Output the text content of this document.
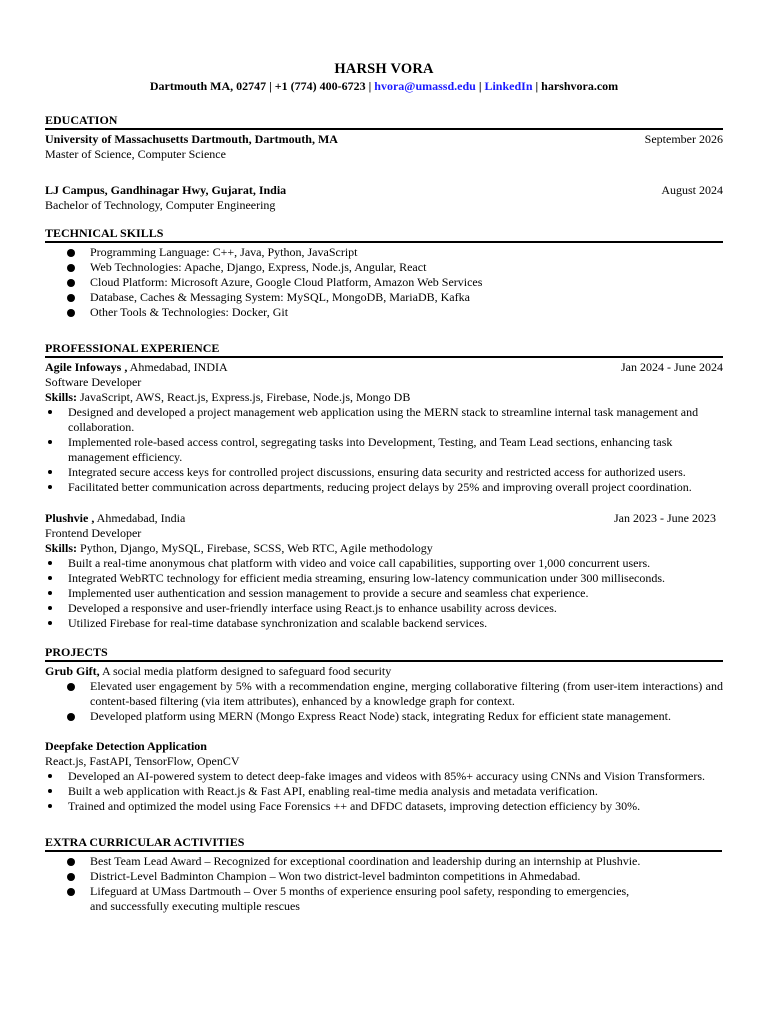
HARSH VORA
Dartmouth MA, 02747 | +1 (774) 400-6723 | hvora@umassd.edu | LinkedIn | harshvora.com
EDUCATION
University of Massachusetts Dartmouth, Dartmouth, MA	September 2026
Master of Science, Computer Science
LJ Campus, Gandhinagar Hwy, Gujarat, India	August 2024
Bachelor of Technology, Computer Engineering
TECHNICAL SKILLS
Programming Language: C++, Java, Python, JavaScript
Web Technologies: Apache, Django, Express, Node.js, Angular, React
Cloud Platform: Microsoft Azure, Google Cloud Platform, Amazon Web Services
Database, Caches & Messaging System: MySQL, MongoDB, MariaDB, Kafka
Other Tools & Technologies: Docker, Git
PROFESSIONAL EXPERIENCE
Agile Infoways , Ahmedabad, INDIA	Jan 2024 - June 2024
Software Developer
Skills: JavaScript, AWS, React.js, Express.js, Firebase, Node.js, Mongo DB
Designed and developed a project management web application using the MERN stack to streamline internal task management and collaboration.
Implemented role-based access control, segregating tasks into Development, Testing, and Team Lead sections, enhancing task management efficiency.
Integrated secure access keys for controlled project discussions, ensuring data security and restricted access for authorized users.
Facilitated better communication across departments, reducing project delays by 25% and improving overall project coordination.
Plushvie , Ahmedabad, India	Jan 2023 - June 2023
Frontend Developer
Skills: Python, Django, MySQL, Firebase, SCSS, Web RTC, Agile methodology
Built a real-time anonymous chat platform with video and voice call capabilities, supporting over 1,000 concurrent users.
Integrated WebRTC technology for efficient media streaming, ensuring low-latency communication under 300 milliseconds.
Implemented user authentication and session management to provide a secure and seamless chat experience.
Developed a responsive and user-friendly interface using React.js to enhance usability across devices.
Utilized Firebase for real-time database synchronization and scalable backend services.
PROJECTS
Grub Gift, A social media platform designed to safeguard food security
Elevated user engagement by 5% with a recommendation engine, merging collaborative filtering (from user-item interactions) and content-based filtering (via item attributes), enhanced by a knowledge graph for context.
Developed platform using MERN (Mongo Express React Node) stack, integrating Redux for efficient state management.
Deepfake Detection Application
React.js, FastAPI, TensorFlow, OpenCV
Developed an AI-powered system to detect deep-fake images and videos with 85%+ accuracy using CNNs and Vision Transformers.
Built a web application with React.js & Fast API, enabling real-time media analysis and metadata verification.
Trained and optimized the model using Face Forensics ++ and DFDC datasets, improving detection efficiency by 30%.
EXTRA CURRICULAR ACTIVITIES
Best Team Lead Award – Recognized for exceptional coordination and leadership during an internship at Plushvie.
District-Level Badminton Champion – Won two district-level badminton competitions in Ahmedabad.
Lifeguard at UMass Dartmouth – Over 5 months of experience ensuring pool safety, responding to emergencies, and successfully executing multiple rescues
